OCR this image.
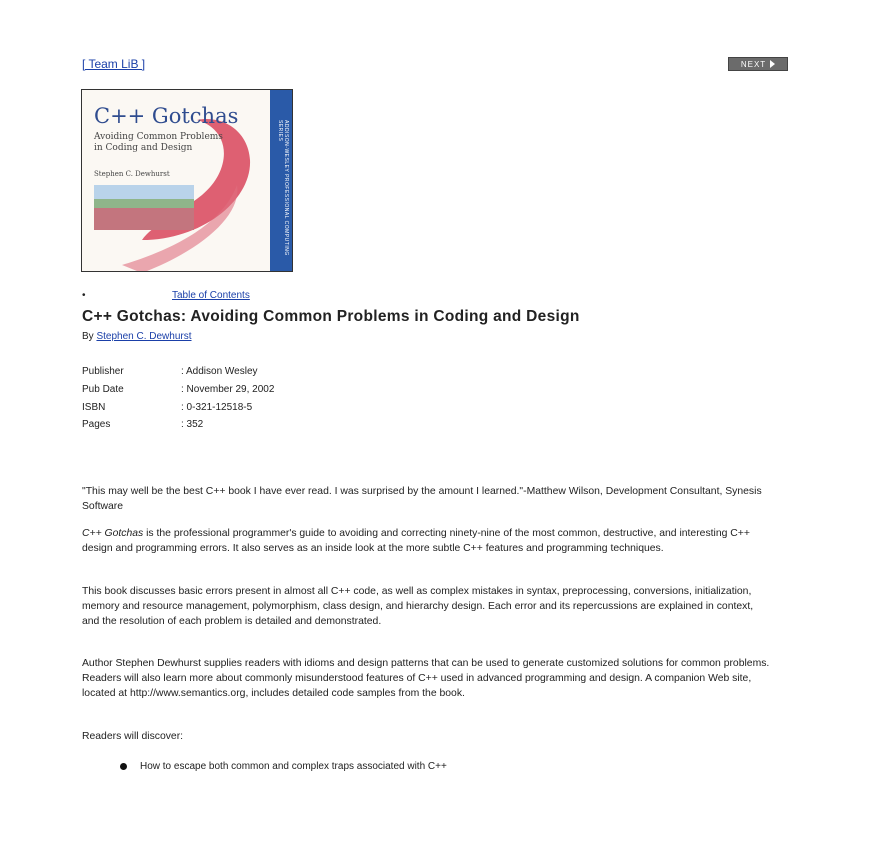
[ Team LiB ]	NEXT
C++ Gotchas
Avoiding Common Problems
in Coding and Design
Stephen C. Dewhurst	ADDISON-WESLEY PROFESSIONAL COMPUTING SERIES
•	Table of Contents
C++ Gotchas: Avoiding Common Problems in Coding and Design
By Stephen C. Dewhurst
Publisher	: Addison Wesley
Pub Date	: November 29, 2002
ISBN	: 0-321-12518-5
Pages	: 352

"This may well be the best C++ book I have ever read. I was surprised by the amount I learned."-Matthew Wilson, Development Consultant, Synesis Software

C++ Gotchas is the professional programmer's guide to avoiding and correcting ninety-nine of the most common, destructive, and interesting C++ design and programming errors. It also serves as an inside look at the more subtle C++ features and programming techniques.

This book discusses basic errors present in almost all C++ code, as well as complex mistakes in syntax, preprocessing, conversions, initialization, memory and resource management, polymorphism, class design, and hierarchy design. Each error and its repercussions are explained in context, and the resolution of each problem is detailed and demonstrated.

Author Stephen Dewhurst supplies readers with idioms and design patterns that can be used to generate customized solutions for common problems. Readers will also learn more about commonly misunderstood features of C++ used in advanced programming and design. A companion Web site, located at http://www.semantics.org, includes detailed code samples from the book.

Readers will discover:

How to escape both common and complex traps associated with C++
